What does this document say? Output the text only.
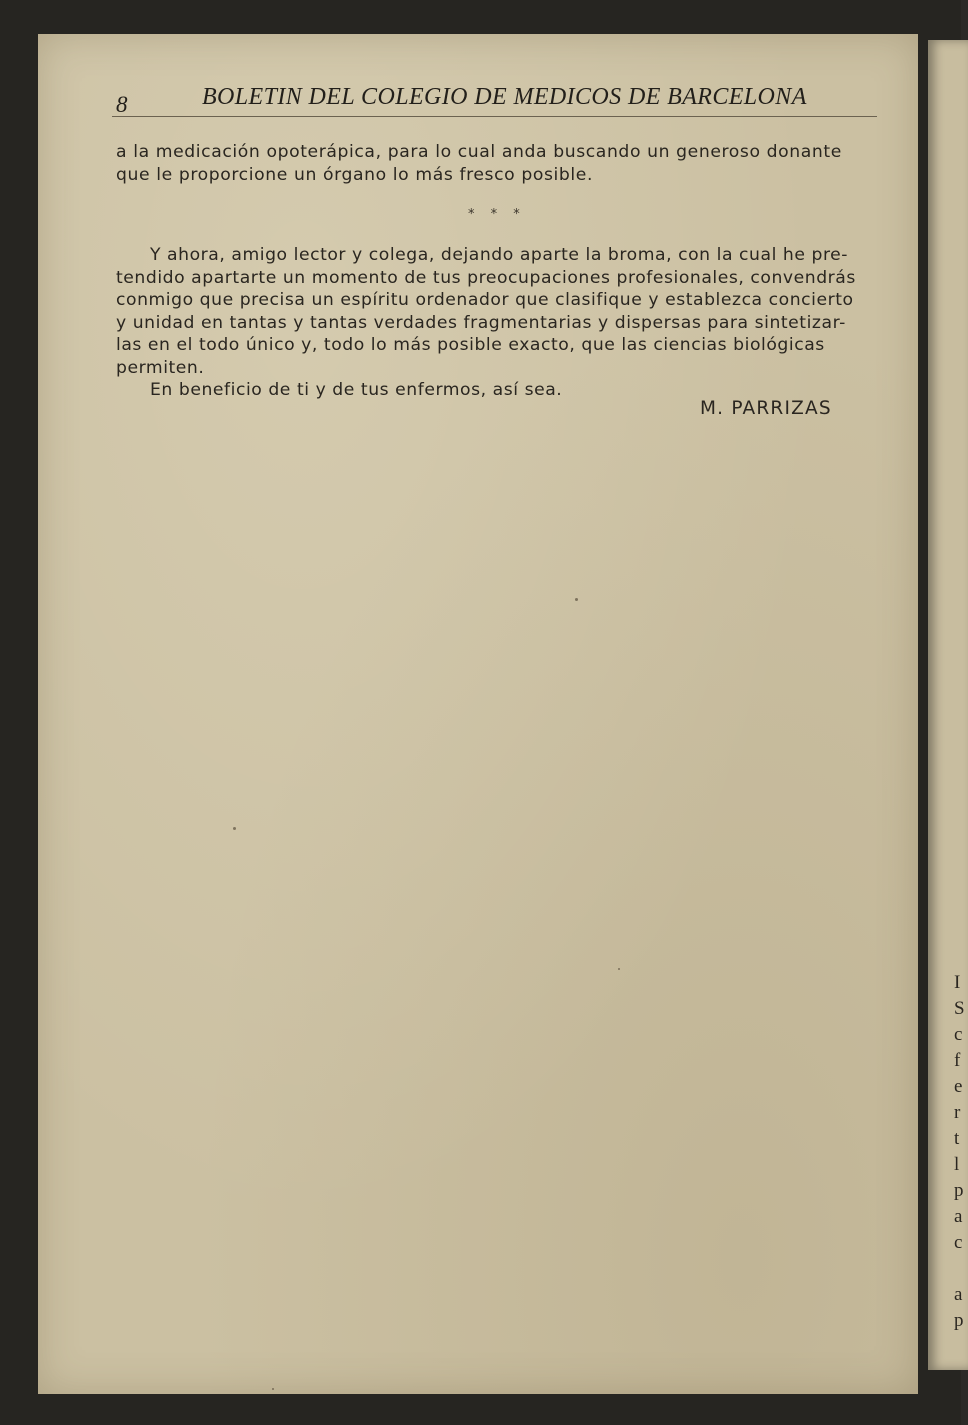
I
S
c
f
e
r
t
l
p
a
c

a
p
8	BOLETIN DEL COLEGIO DE MEDICOS DE BARCELONA
a la medicación opoterápica, para lo cual anda buscando un generoso donante
que le proporcione un órgano lo más fresco posible.
* * *
Y ahora, amigo lector y colega, dejando aparte la broma, con la cual he pre-
tendido apartarte un momento de tus preocupaciones profesionales, convendrás
conmigo que precisa un espíritu ordenador que clasifique y establezca concierto
y unidad en tantas y tantas verdades fragmentarias y dispersas para sintetizar-
las en el todo único y, todo lo más posible exacto, que las ciencias biológicas
permiten.
En beneficio de ti y de tus enfermos, así sea.
M. PARRIZAS
